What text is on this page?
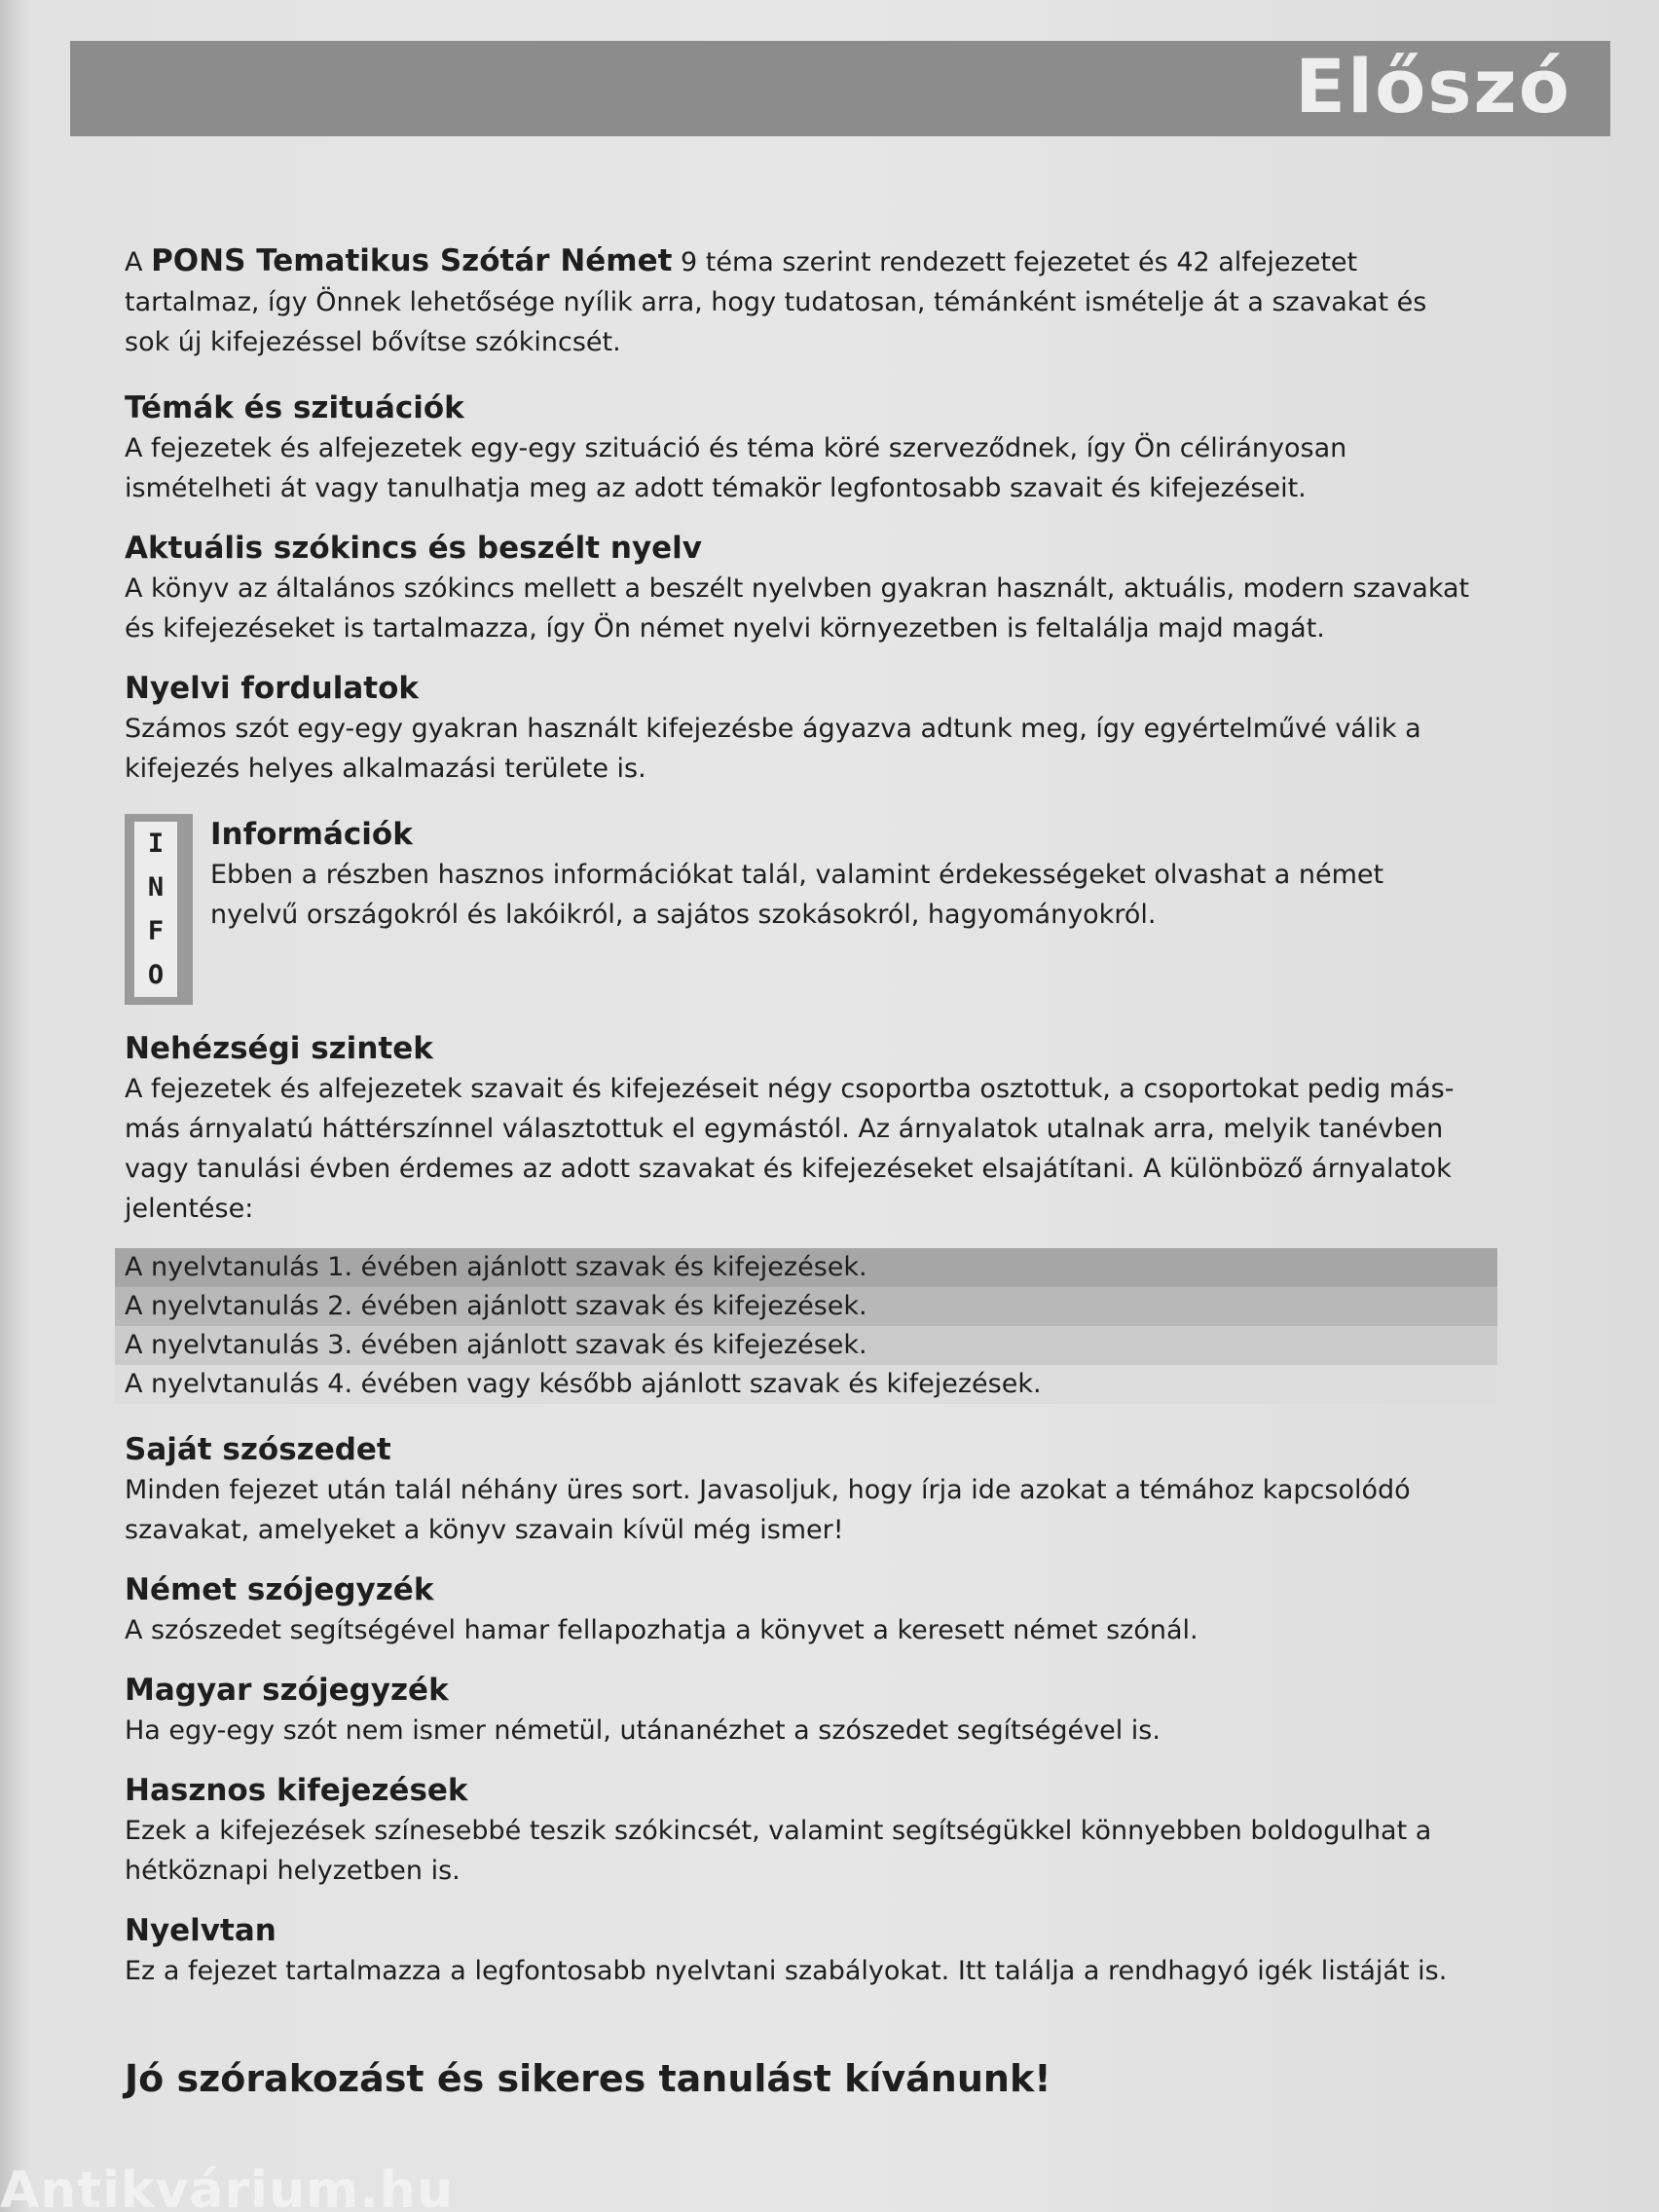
Előszó

A PONS Tematikus Szótár Német 9 téma szerint rendezett fejezetet és 42 alfejezetet tartalmaz, így Önnek lehetősége nyílik arra, hogy tudatosan, témánként ismételje át a szavakat és sok új kifejezéssel bővítse szókincsét.

Témák és szituációk

A fejezetek és alfejezetek egy-egy szituáció és téma köré szerveződnek, így Ön célirányosan ismételheti át vagy tanulhatja meg az adott témakör legfontosabb szavait és kifejezéseit.

Aktuális szókincs és beszélt nyelv

A könyv az általános szókincs mellett a beszélt nyelvben gyakran használt, aktuális, modern szavakat és kifejezéseket is tartalmazza, így Ön német nyelvi környezetben is feltalálja majd magát.

Nyelvi fordulatok

Számos szót egy-egy gyakran használt kifejezésbe ágyazva adtunk meg, így egyértelművé válik a kifejezés helyes alkalmazási területe is.

I
N
F
O
Információk

Ebben a részben hasznos információkat talál, valamint érdekességeket olvashat a német nyelvű országokról és lakóikról, a sajátos szokásokról, hagyományokról.

Nehézségi szintek

A fejezetek és alfejezetek szavait és kifejezéseit négy csoportba osztottuk, a csoportokat pedig más-más árnyalatú háttérszínnel választottuk el egymástól. Az árnyalatok utalnak arra, melyik tanévben vagy tanulási évben érdemes az adott szavakat és kifejezéseket elsajátítani. A különböző árnyalatok jelentése:

A nyelvtanulás 1. évében ajánlott szavak és kifejezések.
A nyelvtanulás 2. évében ajánlott szavak és kifejezések.
A nyelvtanulás 3. évében ajánlott szavak és kifejezések.
A nyelvtanulás 4. évében vagy később ajánlott szavak és kifejezések.
Saját szószedet

Minden fejezet után talál néhány üres sort. Javasoljuk, hogy írja ide azokat a témához kapcsolódó szavakat, amelyeket a könyv szavain kívül még ismer!

Német szójegyzék

A szószedet segítségével hamar fellapozhatja a könyvet a keresett német szónál.

Magyar szójegyzék

Ha egy-egy szót nem ismer németül, utánanézhet a szószedet segítségével is.

Hasznos kifejezések

Ezek a kifejezések színesebbé teszik szókincsét, valamint segítségükkel könnyebben boldogulhat a hétköznapi helyzetben is.

Nyelvtan

Ez a fejezet tartalmazza a legfontosabb nyelvtani szabályokat. Itt találja a rendhagyó igék listáját is.

Jó szórakozást és sikeres tanulást kívánunk!
Antikvárium.hu
